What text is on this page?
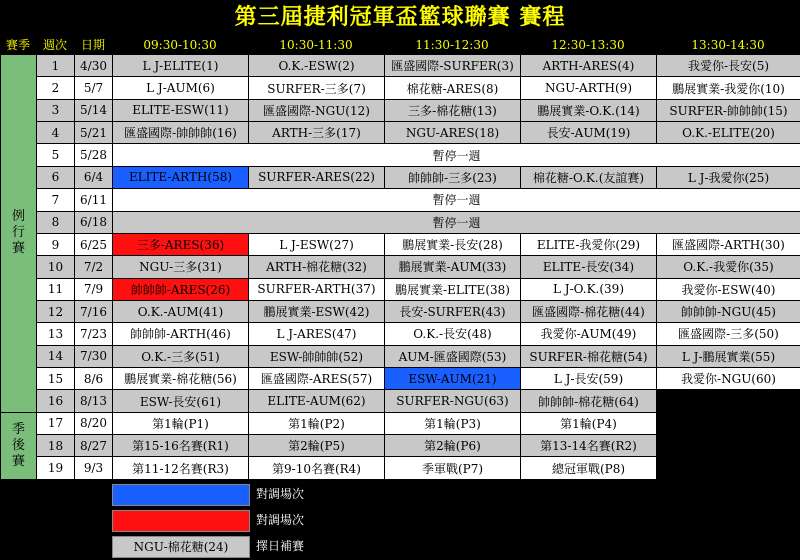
第三屆捷利冠軍盃籃球聯賽 賽程
賽季	週次	日期	09:30-10:30	10:30-11:30	11:30-12:30	12:30-13:30	13:30-14:30
例
行
賽	1	4/30	L J-ELITE(1)	O.K.-ESW(2)	匯盛國際-SURFER(3)	ARTH-ARES(4)	我愛你-長安(5)
	2	5/7	L J-AUM(6)	SURFER-三多(7)	棉花糖-ARES(8)	NGU-ARTH(9)	鵬展實業-我愛你(10)
	3	5/14	ELITE-ESW(11)	匯盛國際-NGU(12)	三多-棉花糖(13)	鵬展實業-O.K.(14)	SURFER-帥帥帥(15)
	4	5/21	匯盛國際-帥帥帥(16)	ARTH-三多(17)	NGU-ARES(18)	長安-AUM(19)	O.K.-ELITE(20)
	5	5/28	暫停一週				
	6	6/4	ELITE-ARTH(58)	SURFER-ARES(22)	帥帥帥-三多(23)	棉花糖-O.K.(友誼賽)	L J-我愛你(25)
	7	6/11	暫停一週				
	8	6/18	暫停一週				
	9	6/25	三多-ARES(36)	L J-ESW(27)	鵬展實業-長安(28)	ELITE-我愛你(29)	匯盛國際-ARTH(30)
	10	7/2	NGU-三多(31)	ARTH-棉花糖(32)	鵬展實業-AUM(33)	ELITE-長安(34)	O.K.-我愛你(35)
	11	7/9	帥帥帥-ARES(26)	SURFER-ARTH(37)	鵬展實業-ELITE(38)	L J-O.K.(39)	我愛你-ESW(40)
	12	7/16	O.K.-AUM(41)	鵬展實業-ESW(42)	長安-SURFER(43)	匯盛國際-棉花糖(44)	帥帥帥-NGU(45)
	13	7/23	帥帥帥-ARTH(46)	L J-ARES(47)	O.K.-長安(48)	我愛你-AUM(49)	匯盛國際-三多(50)
	14	7/30	O.K.-三多(51)	ESW-帥帥帥(52)	AUM-匯盛國際(53)	SURFER-棉花糖(54)	L J-鵬展實業(55)
	15	8/6	鵬展實業-棉花糖(56)	匯盛國際-ARES(57)	ESW-AUM(21)	L J-長安(59)	我愛你-NGU(60)
	16	8/13	ESW-長安(61)	ELITE-AUM(62)	SURFER-NGU(63)	帥帥帥-棉花糖(64)	

季
後
賽	17	8/20	第1輪(P1)	第1輪(P2)	第1輪(P3)	第1輪(P4)	
	18	8/27	第15-16名賽(R1)	第2輪(P5)	第2輪(P6)	第13-14名賽(R2)	
	19	9/3	第11-12名賽(R3)	第9-10名賽(R4)	季軍戰(P7)	總冠軍戰(P8)	
對調場次
對調場次
NGU-棉花糖(24)	擇日補賽
